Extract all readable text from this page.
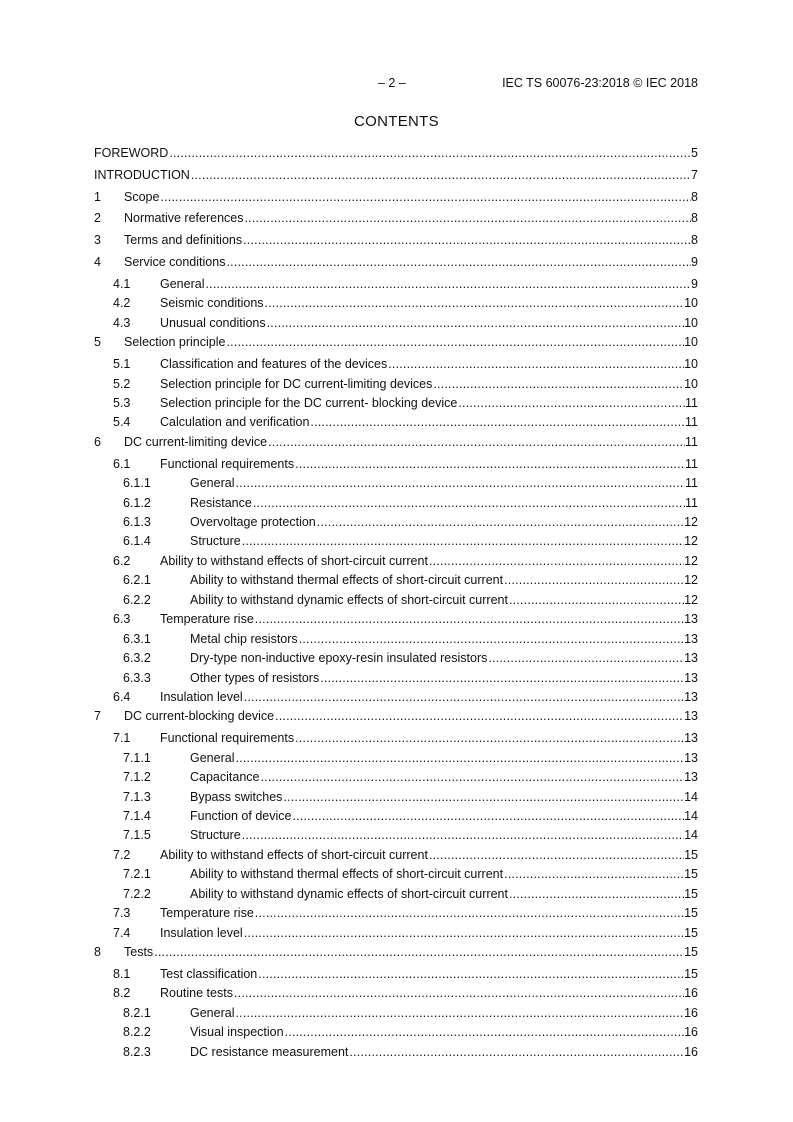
– 2 –	IEC TS 60076-23:2018 © IEC 2018
CONTENTS
FOREWORD .....	5
INTRODUCTION .....	7
1 Scope .....	8
2 Normative references .....	8
3 Terms and definitions .....	8
4 Service conditions .....	9
4.1 General .....	9
4.2 Seismic conditions .....	10
4.3 Unusual conditions .....	10
5 Selection principle .....	10
5.1 Classification and features of the devices .....	10
5.2 Selection principle for DC current-limiting devices .....	10
5.3 Selection principle for the DC current- blocking device .....	11
5.4 Calculation and verification .....	11
6 DC current-limiting device .....	11
6.1 Functional requirements .....	11
6.1.1	General .....	11
6.1.2	Resistance .....	11
6.1.3	Overvoltage protection .....	12
6.1.4	Structure .....	12
6.2 Ability to withstand effects of short-circuit current .....	12
6.2.1	Ability to withstand thermal effects of short-circuit current .....	12
6.2.2	Ability to withstand dynamic effects of short-circuit current .....	12
6.3 Temperature rise .....	13
6.3.1	Metal chip resistors .....	13
6.3.2	Dry-type non-inductive epoxy-resin insulated resistors .....	13
6.3.3	Other types of resistors .....	13
6.4 Insulation level .....	13
7 DC current-blocking device .....	13
7.1 Functional requirements .....	13
7.1.1	General .....	13
7.1.2	Capacitance .....	13
7.1.3	Bypass switches .....	14
7.1.4	Function of device .....	14
7.1.5	Structure .....	14
7.2 Ability to withstand effects of short-circuit current .....	15
7.2.1	Ability to withstand thermal effects of short-circuit current .....	15
7.2.2	Ability to withstand dynamic effects of short-circuit current .....	15
7.3 Temperature rise .....	15
7.4 Insulation level .....	15
8 Tests .....	15
8.1 Test classification .....	15
8.2 Routine tests .....	16
8.2.1	General .....	16
8.2.2	Visual inspection .....	16
8.2.3	DC resistance measurement .....	16
